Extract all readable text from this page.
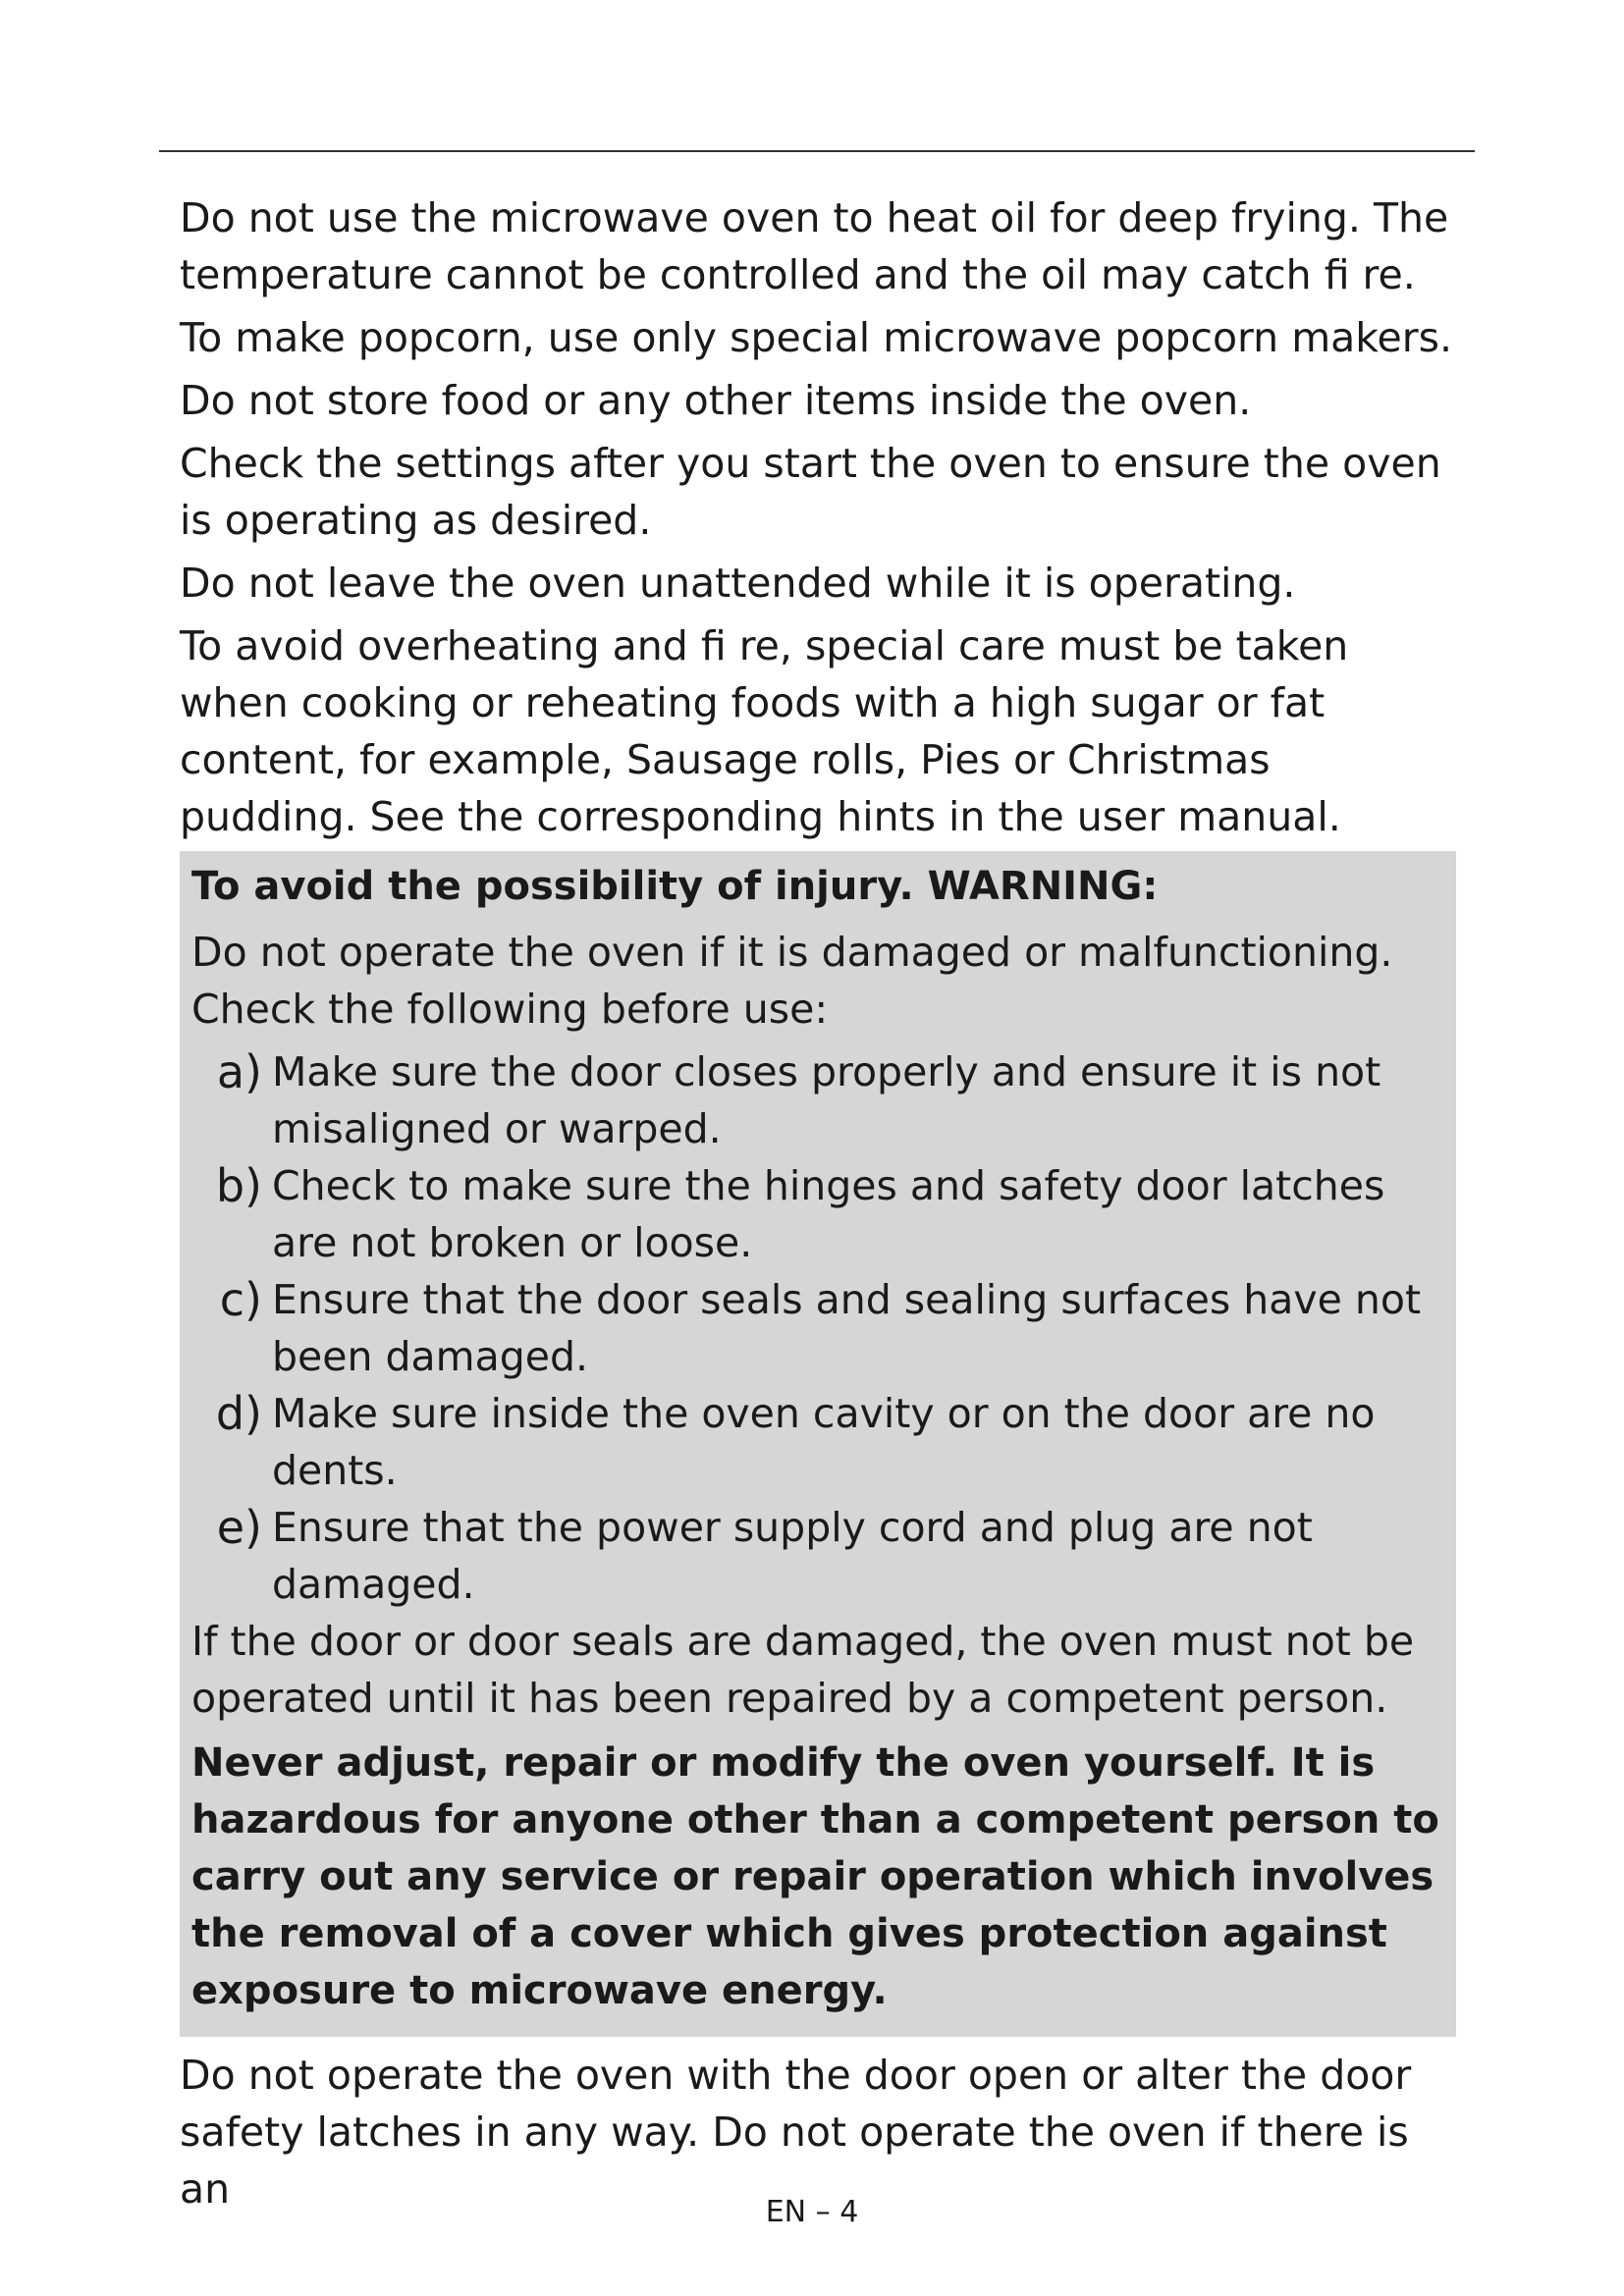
Do not use the microwave oven to heat oil for deep frying. The temperature cannot be controlled and the oil may catch fi re.

To make popcorn, use only special microwave popcorn makers.

Do not store food or any other items inside the oven.

Check the settings after you start the oven to ensure the oven is operating as desired.

Do not leave the oven unattended while it is operating.

To avoid overheating and fi re, special care must be taken when cooking or reheating foods with a high sugar or fat content, for example, Sausage rolls, Pies or Christmas pudding. See the corresponding hints in the user manual.

To avoid the possibility of injury. WARNING:

Do not operate the oven if it is damaged or malfunctioning. Check the following before use:

a) Make sure the door closes properly and ensure it is not misaligned or warped.
b) Check to make sure the hinges and safety door latches are not broken or loose.
c) Ensure that the door seals and sealing surfaces have not been damaged.
d) Make sure inside the oven cavity or on the door are no dents.
e) Ensure that the power supply cord and plug are not damaged.

If the door or door seals are damaged, the oven must not be operated until it has been repaired by a competent person.

Never adjust, repair or modify the oven yourself. It is hazardous for anyone other than a competent person to carry out any service or repair operation which involves the removal of a cover which gives protection against exposure to microwave energy.

Do not operate the oven with the door open or alter the door safety latches in any way. Do not operate the oven if there is an	EN – 4
